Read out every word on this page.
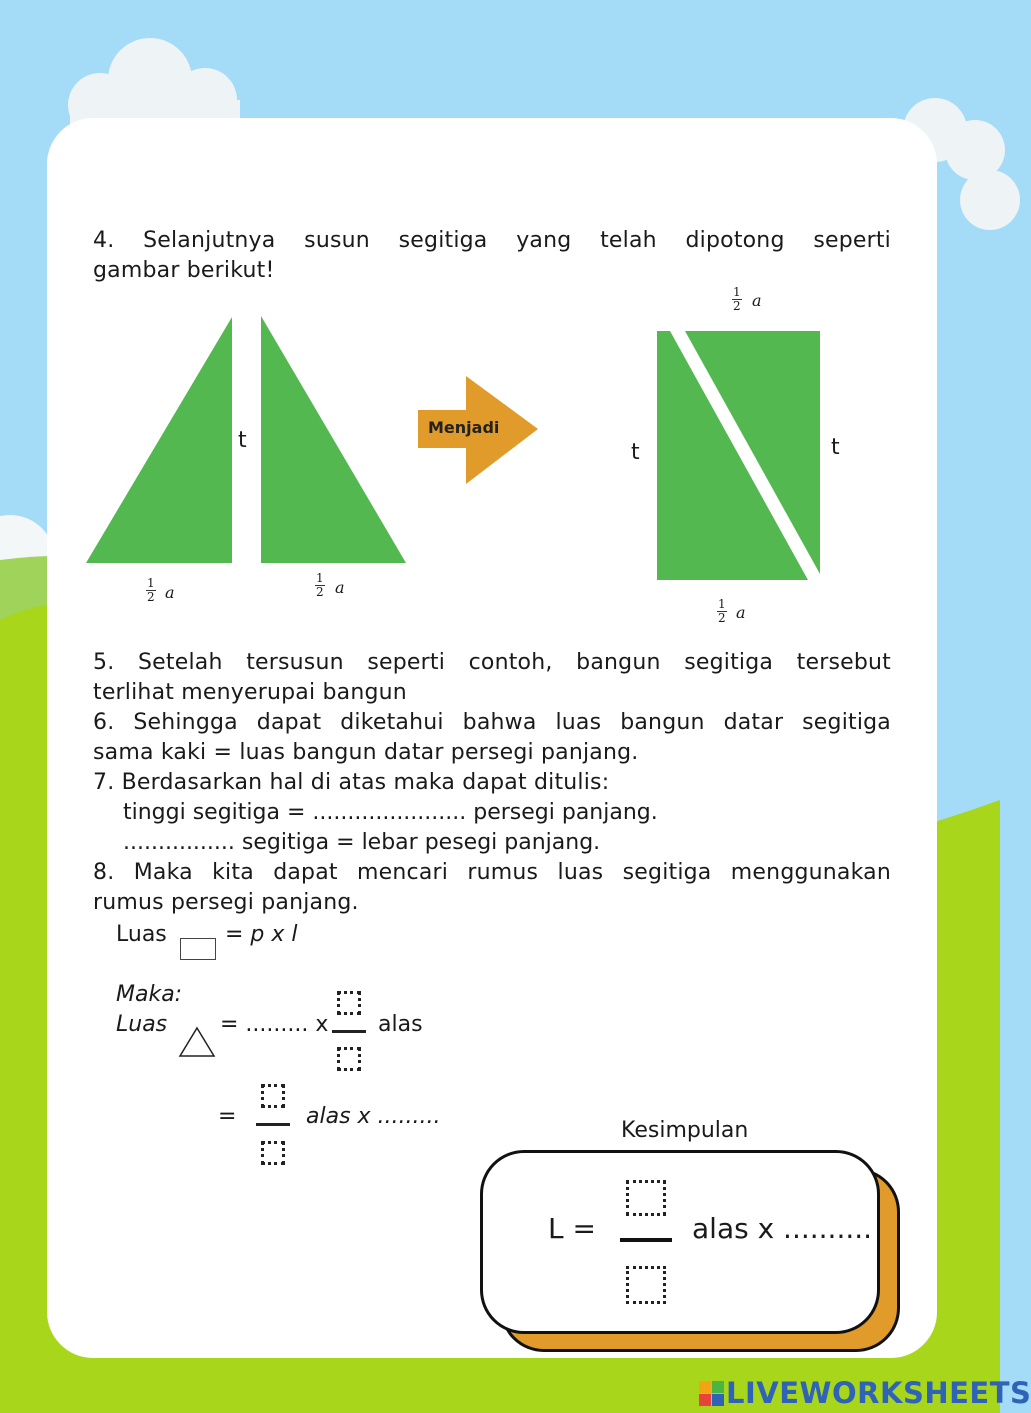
4. Selanjutnya susun segitiga yang telah dipotong seperti
gambar berikut!
t	t	t
Menjadi
$\frac{1}{2}$ a	$\frac{1}{2}$ a
$\frac{1}{2}$ a
$\frac{1}{2}$ a
5. Setelah tersusun seperti contoh, bangun segitiga tersebut
terlihat menyerupai bangun
6. Sehingga dapat diketahui bahwa luas bangun datar segitiga
sama kaki = luas bangun datar persegi panjang.
7. Berdasarkan hal di atas maka dapat ditulis:
tinggi segitiga = ...................... persegi panjang.
................ segitiga = lebar pesegi panjang.
8. Maka kita dapat mencari rumus luas segitiga menggunakan
rumus persegi panjang.
Luas	= p x l
Maka:
Luas = ......... x alas
=	alas x .........
Kesimpulan
L =	alas x ..........
LIVEWORKSHEETS
